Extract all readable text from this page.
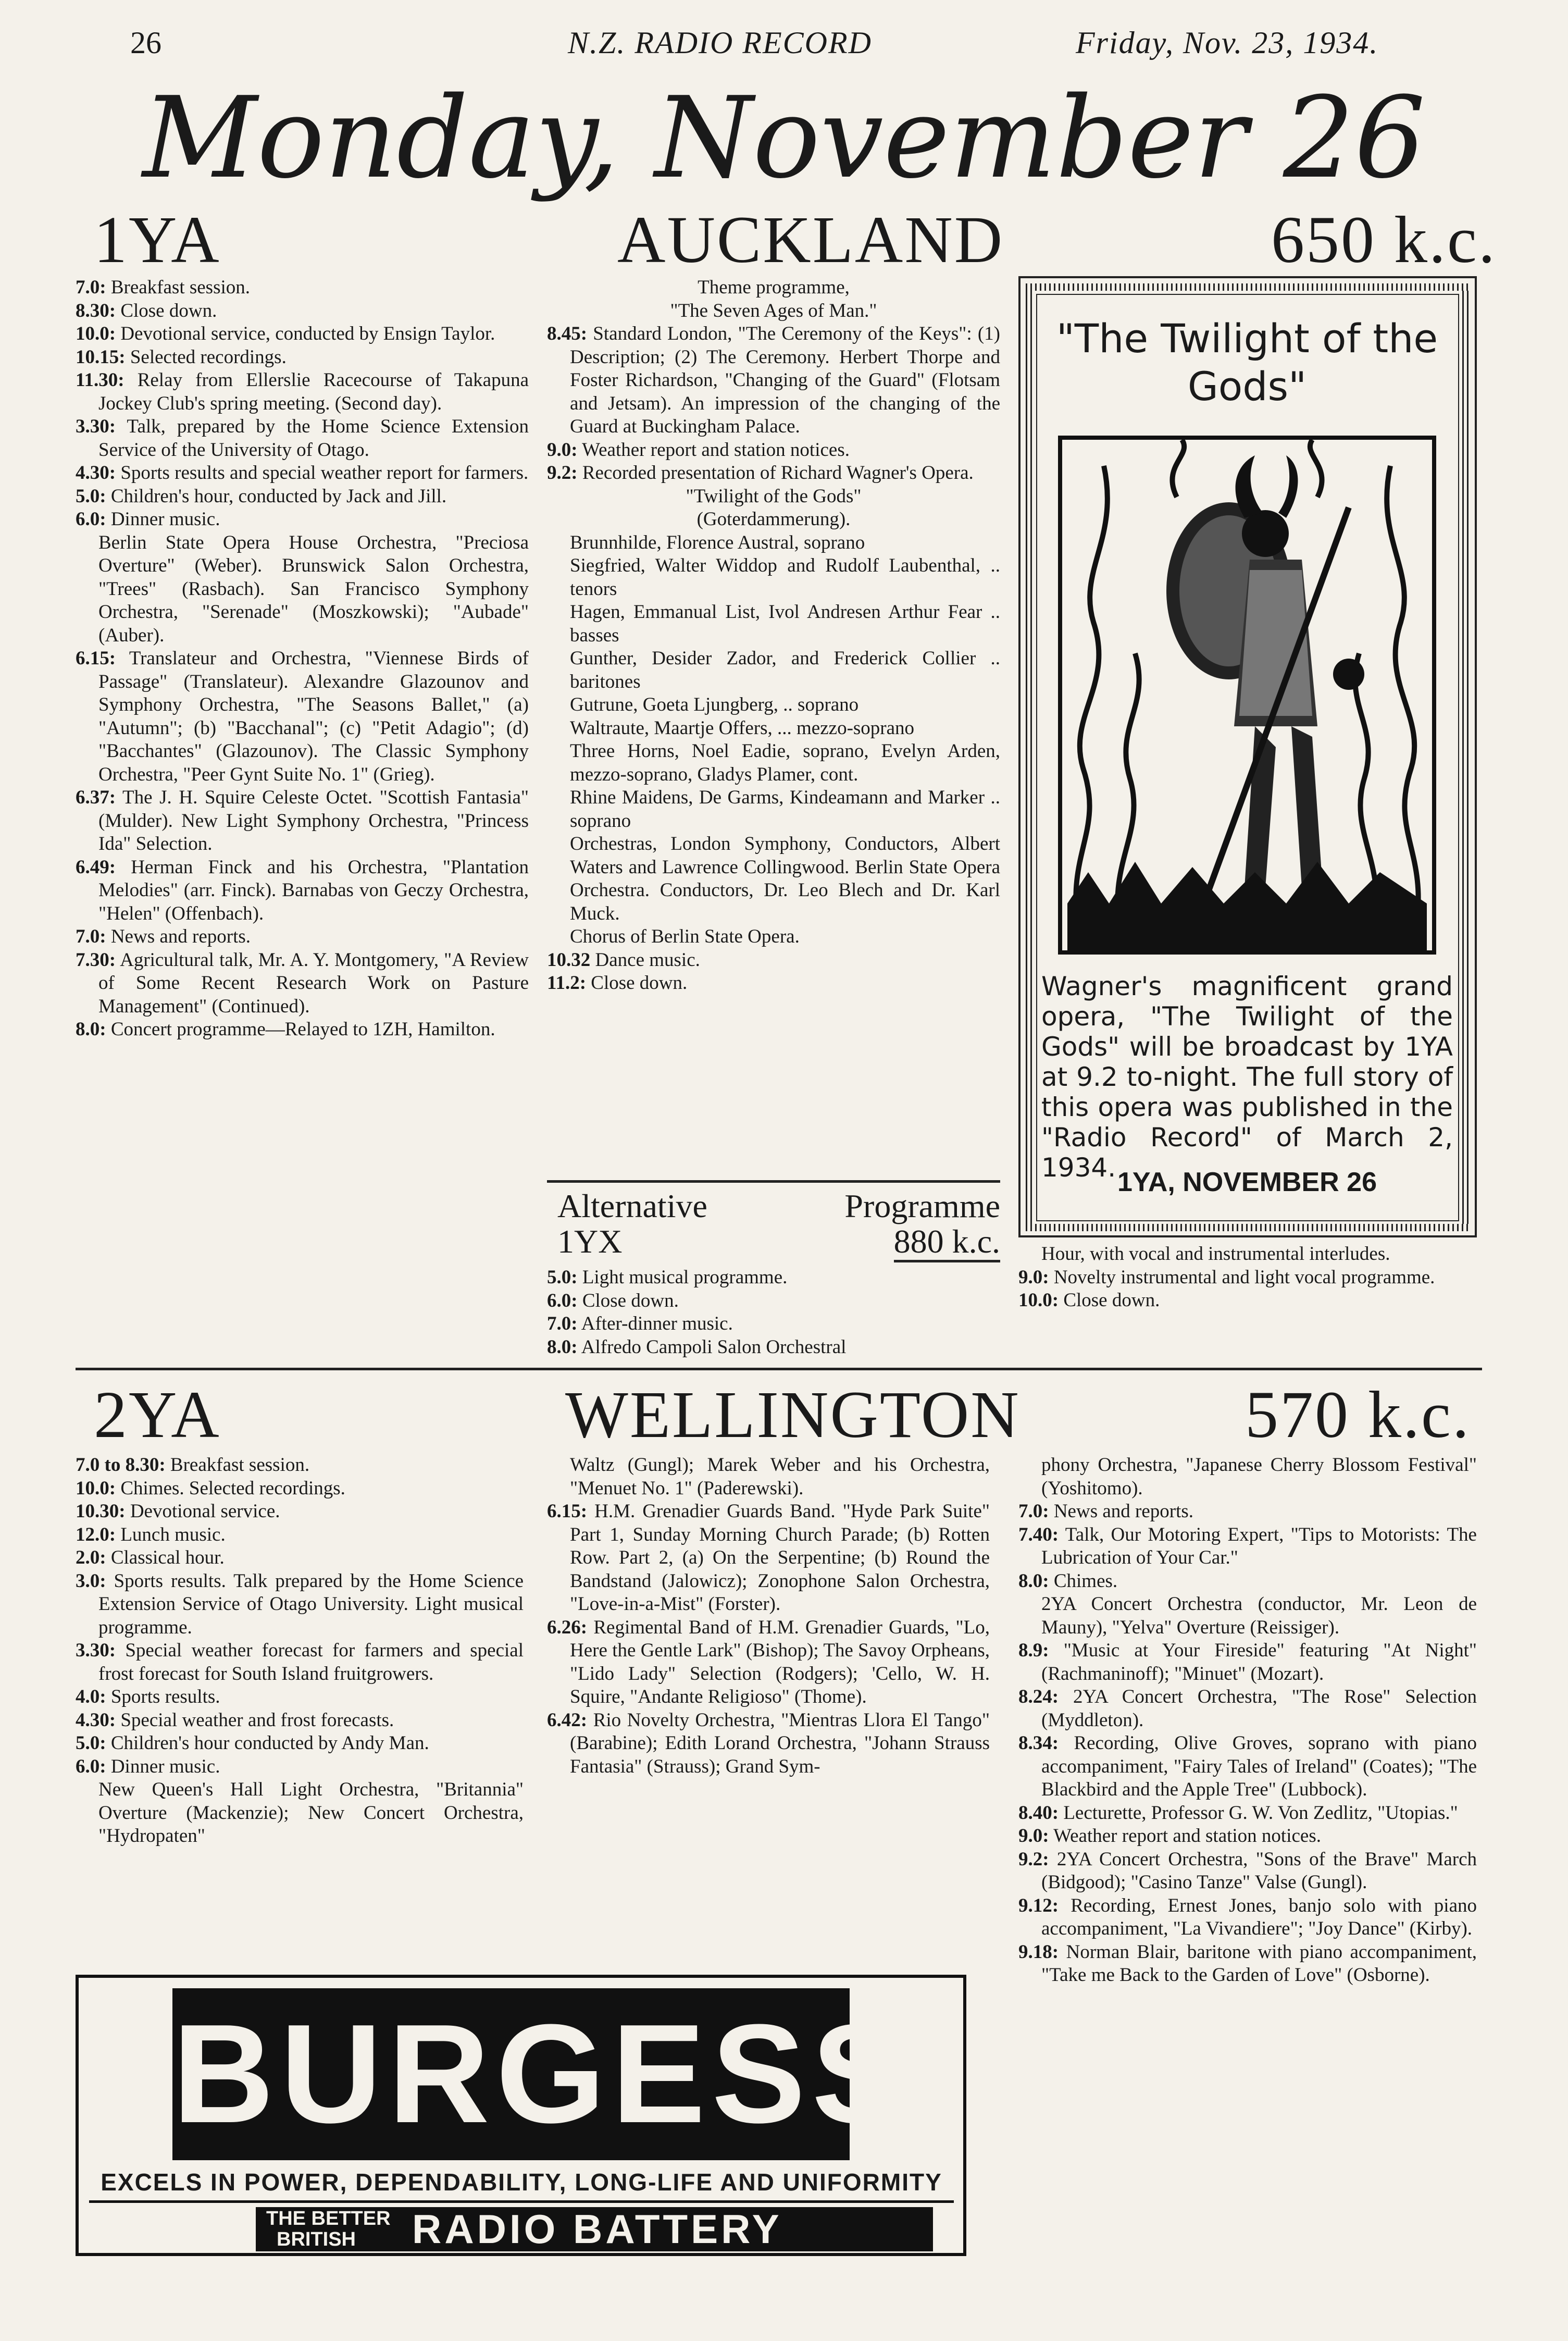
26	N.Z. RADIO RECORD	Friday, Nov. 23, 1934.
Monday, November 26
1YA	AUCKLAND	650 k.c.

7.0: Breakfast session.

8.30: Close down.

10.0: Devotional service, conducted by Ensign Taylor.

10.15: Selected recordings.

11.30: Relay from Ellerslie Racecourse of Takapuna Jockey Club's spring meeting. (Second day).

3.30: Talk, prepared by the Home Science Extension Service of the University of Otago.

4.30: Sports results and special weather report for farmers.

5.0: Children's hour, conducted by Jack and Jill.

6.0: Dinner music.

Berlin State Opera House Orchestra, "Preciosa Overture" (Weber). Brunswick Salon Orchestra, "Trees" (Rasbach). San Francisco Symphony Orchestra, "Serenade" (Moszkowski); "Aubade" (Auber).

6.15: Translateur and Orchestra, "Viennese Birds of Passage" (Translateur). Alexandre Glazounov and Symphony Orchestra, "The Seasons Ballet," (a) "Autumn"; (b) "Bacchanal"; (c) "Petit Adagio"; (d) "Bacchantes" (Glazounov). The Classic Symphony Orchestra, "Peer Gynt Suite No. 1" (Grieg).

6.37: The J. H. Squire Celeste Octet. "Scottish Fantasia" (Mulder). New Light Symphony Orchestra, "Princess Ida" Selection.

6.49: Herman Finck and his Orchestra, "Plantation Melodies" (arr. Finck). Barnabas von Geczy Orchestra, "Helen" (Offenbach).

7.0: News and reports.

7.30: Agricultural talk, Mr. A. Y. Montgomery, "A Review of Some Recent Research Work on Pasture Management" (Continued).

8.0: Concert programme—Relayed to 1ZH, Hamilton.

Theme programme,

"The Seven Ages of Man."

8.45: Standard London, "The Ceremony of the Keys": (1) Description; (2) The Ceremony. Herbert Thorpe and Foster Richardson, "Changing of the Guard" (Flotsam and Jetsam). An impression of the changing of the Guard at Buckingham Palace.

9.0: Weather report and station notices.

9.2: Recorded presentation of Richard Wagner's Opera.

"Twilight of the Gods"

(Goterdammerung).

Brunnhilde, Florence Austral, soprano

Siegfried, Walter Widdop and Rudolf Laubenthal, .. tenors

Hagen, Emmanual List, Ivol Andresen Arthur Fear .. basses

Gunther, Desider Zador, and Frederick Collier .. baritones

Gutrune, Goeta Ljungberg, .. soprano

Waltraute, Maartje Offers, ... mezzo-soprano

Three Horns, Noel Eadie, soprano, Evelyn Arden, mezzo-soprano, Gladys Plamer, cont.

Rhine Maidens, De Garms, Kindeamann and Marker .. soprano

Orchestras, London Symphony, Conductors, Albert Waters and Lawrence Collingwood. Berlin State Opera Orchestra. Conductors, Dr. Leo Blech and Dr. Karl Muck.

Chorus of Berlin State Opera.

10.32 Dance music.

11.2: Close down.

Alternative	Programme
1YX	880 k.c.

5.0: Light musical programme.

6.0: Close down.

7.0: After-dinner music.

8.0: Alfredo Campoli Salon Orchestral

"The Twilight of the Gods"
Wagner's magnificent grand opera, "The Twilight of the Gods" will be broadcast by 1YA at 9.2 to-night. The full story of this opera was published in the "Radio Record" of March 2, 1934. 1YA, NOVEMBER 26

Hour, with vocal and instrumental interludes.

9.0: Novelty instrumental and light vocal programme.

10.0: Close down.

2YA	WELLINGTON	570 k.c.

7.0 to 8.30: Breakfast session.

10.0: Chimes. Selected recordings.

10.30: Devotional service.

12.0: Lunch music.

2.0: Classical hour.

3.0: Sports results. Talk prepared by the Home Science Extension Service of Otago University. Light musical programme.

3.30: Special weather forecast for farmers and special frost forecast for South Island fruitgrowers.

4.0: Sports results.

4.30: Special weather and frost forecasts.

5.0: Children's hour conducted by Andy Man.

6.0: Dinner music.

New Queen's Hall Light Orchestra, "Britannia" Overture (Mackenzie); New Concert Orchestra, "Hydropaten"

Waltz (Gungl); Marek Weber and his Orchestra, "Menuet No. 1" (Paderewski).

6.15: H.M. Grenadier Guards Band. "Hyde Park Suite" Part 1, Sunday Morning Church Parade; (b) Rotten Row. Part 2, (a) On the Serpentine; (b) Round the Bandstand (Jalowicz); Zonophone Salon Orchestra, "Love-in-a-Mist" (Forster).

6.26: Regimental Band of H.M. Grenadier Guards, "Lo, Here the Gentle Lark" (Bishop); The Savoy Orpheans, "Lido Lady" Selection (Rodgers); 'Cello, W. H. Squire, "Andante Religioso" (Thome).

6.42: Rio Novelty Orchestra, "Mientras Llora El Tango" (Barabine); Edith Lorand Orchestra, "Johann Strauss Fantasia" (Strauss); Grand Sym-

phony Orchestra, "Japanese Cherry Blossom Festival" (Yoshitomo).

7.0: News and reports.

7.40: Talk, Our Motoring Expert, "Tips to Motorists: The Lubrication of Your Car."

8.0: Chimes.

2YA Concert Orchestra (conductor, Mr. Leon de Mauny), "Yelva" Overture (Reissiger).

8.9: "Music at Your Fireside" featuring "At Night" (Rachmaninoff); "Minuet" (Mozart).

8.24: 2YA Concert Orchestra, "The Rose" Selection (Myddleton).

8.34: Recording, Olive Groves, soprano with piano accompaniment, "Fairy Tales of Ireland" (Coates); "The Blackbird and the Apple Tree" (Lubbock).

8.40: Lecturette, Professor G. W. Von Zedlitz, "Utopias."

9.0: Weather report and station notices.

9.2: 2YA Concert Orchestra, "Sons of the Brave" March (Bidgood); "Casino Tanze" Valse (Gungl).

9.12: Recording, Ernest Jones, banjo solo with piano accompaniment, "La Vivandiere"; "Joy Dance" (Kirby).

9.18: Norman Blair, baritone with piano accompaniment, "Take me Back to the Garden of Love" (Osborne).

BURGESS
EXCELS IN POWER, DEPENDABILITY, LONG-LIFE AND UNIFORMITY
THE BETTER
BRITISH RADIO BATTERY
